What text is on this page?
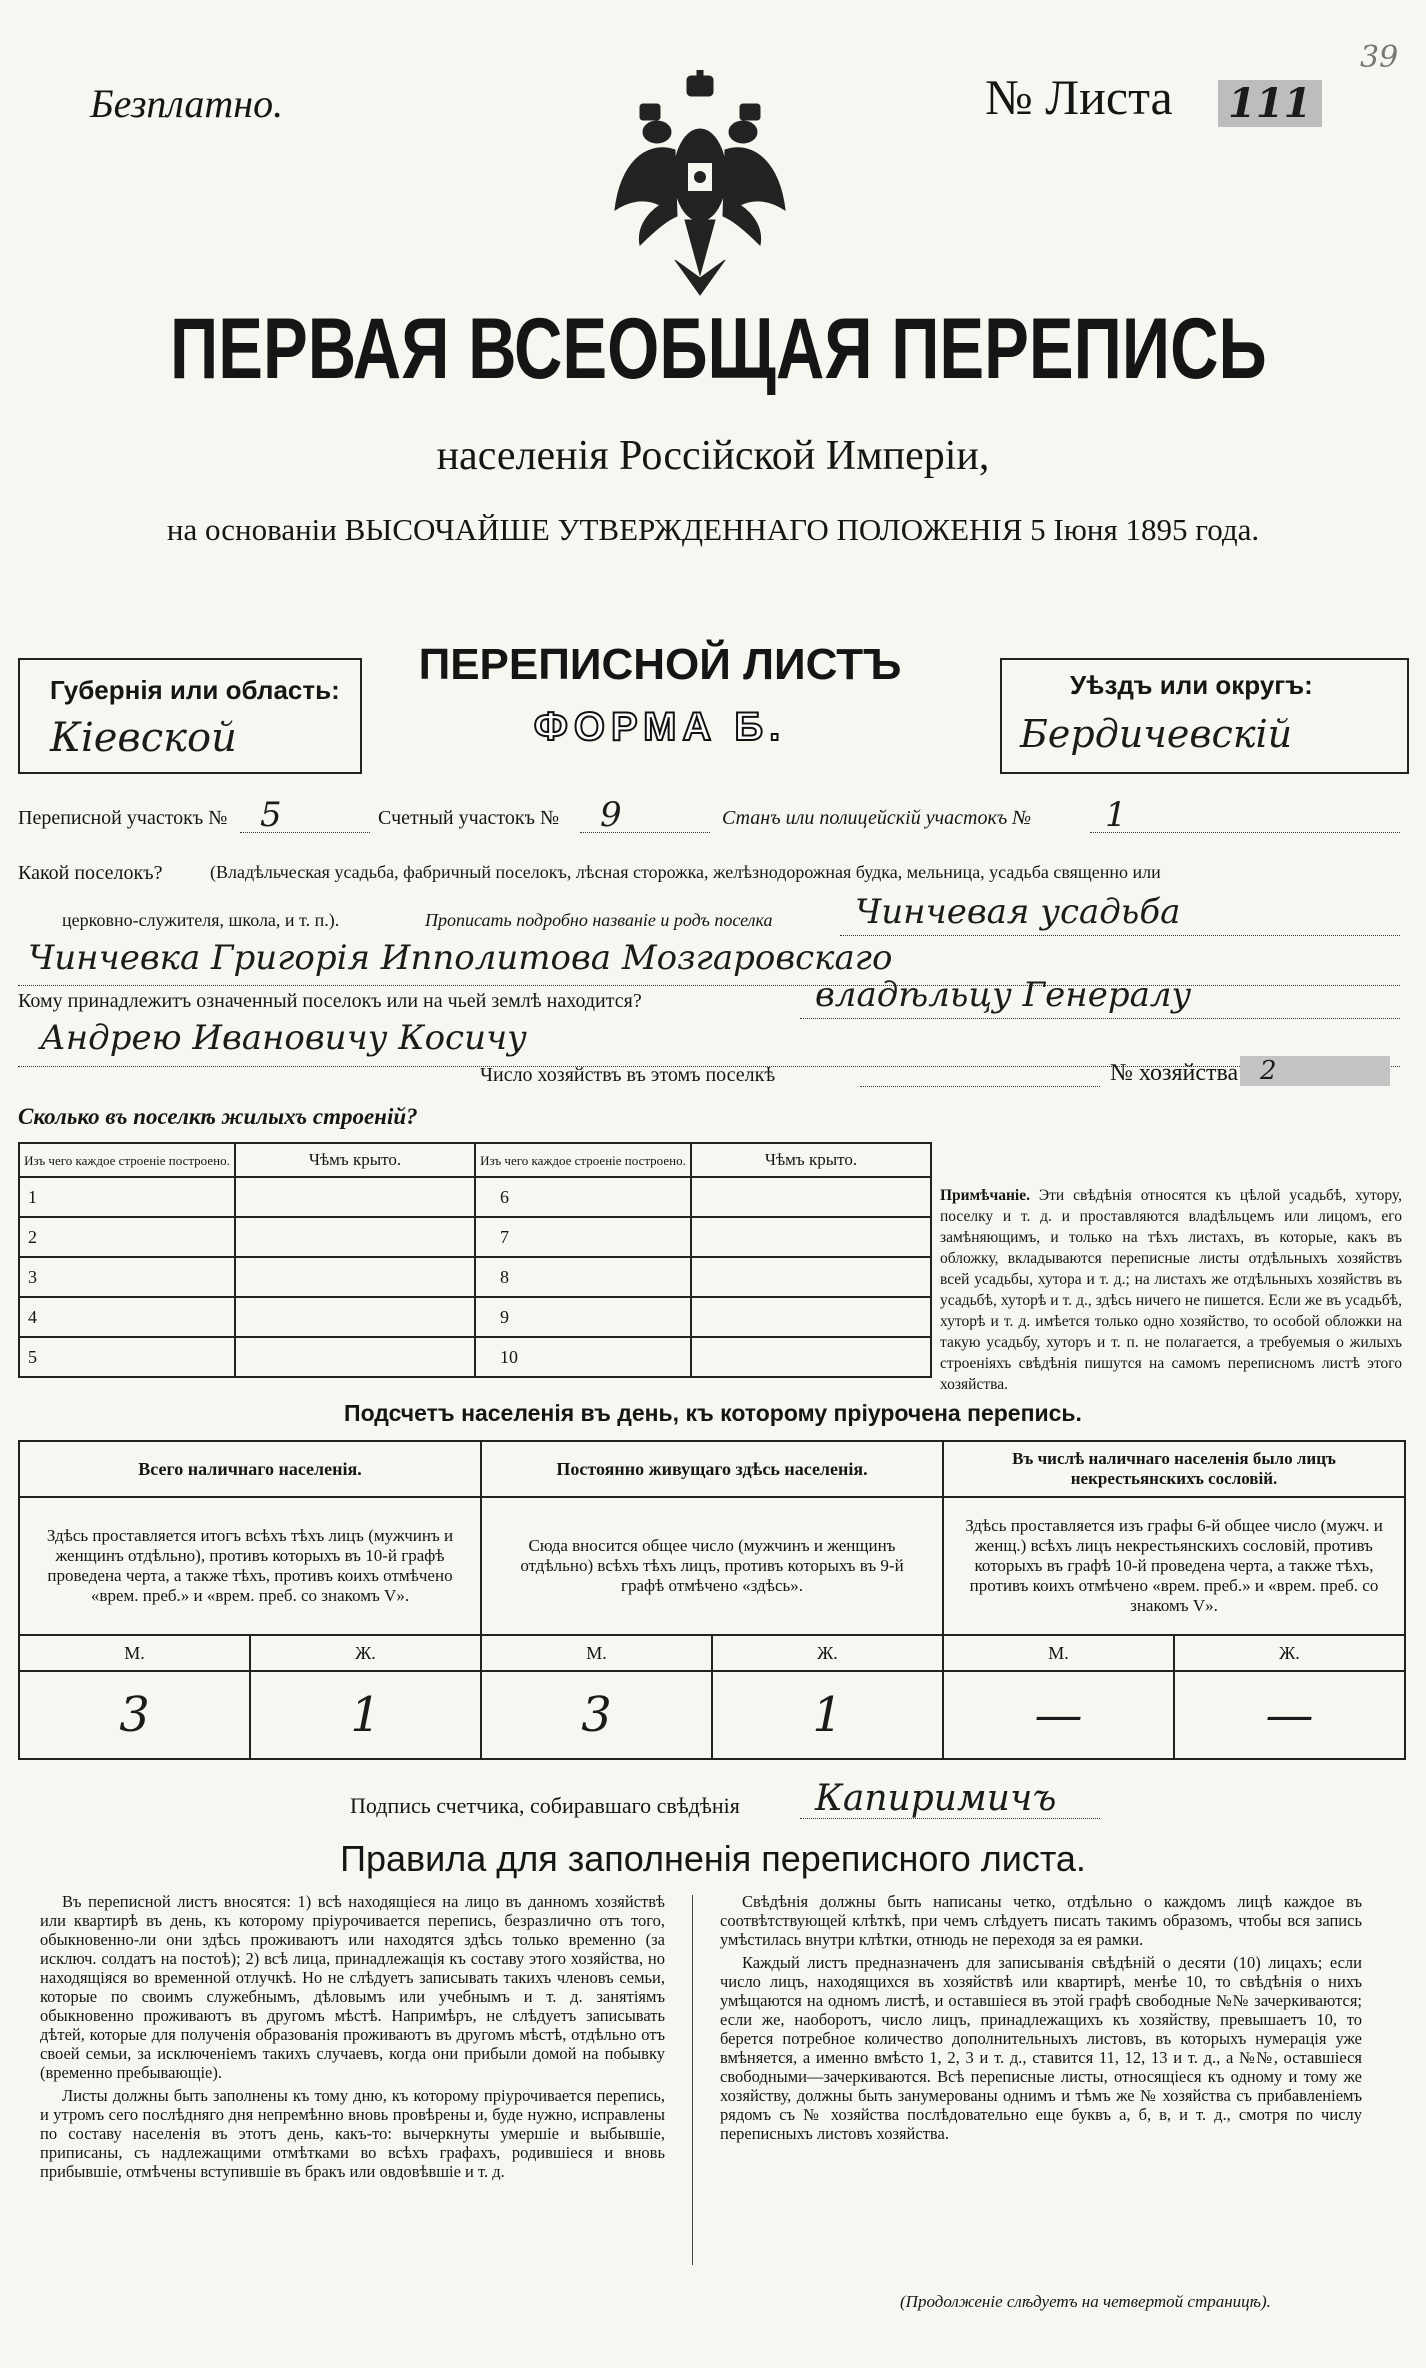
Безплатно.	№ Листа 111
39
ПЕРВАЯ ВСЕОБЩАЯ ПЕРЕПИСЬ
населенія Россійской Имперіи,
на основаніи ВЫСОЧАЙШЕ УТВЕРЖДЕННАГО ПОЛОЖЕНІЯ 5 Іюня 1895 года.
Губернія или область:
Кіевской
ПЕРЕПИСНОЙ ЛИСТЪ
ФОРМА Б.
Уѣздъ или округъ:
Бердичевскій
Переписной участокъ № 5	Счетный участокъ № 9	Станъ или полицейскій участокъ № 1
Какой поселокъ?	(Владѣльческая усадьба, фабричный поселокъ, лѣсная сторожка, желѣзнодорожная будка, мельница, усадьба священно или
церковно-служителя, школа, и т. п.).	Прописать подробно названіе и родъ поселка Чинчевая усадьба
Чинчевка Григорія Ипполитова Мозгаровскаго
Кому принадлежитъ означенный поселокъ или на чьей землѣ находится?	владѣльцу Генералу
Андрею Ивановичу Косичу
Число хозяйствъ въ этомъ поселкѣ	№ хозяйства 2
Сколько въ поселкѣ жилыхъ строеній?
Изъ чего каждое строеніе построено.	Чѣмъ крыто.	Изъ чего каждое строеніе построено.	Чѣмъ крыто.

1		6	
2		7	
3		8	
4		9	
5		10	
Примѣчаніе. Эти свѣдѣнія относятся къ цѣлой усадьбѣ, хутору, поселку и т. д. и проставляются владѣльцемъ или лицомъ, его замѣняющимъ, и только на тѣхъ листахъ, въ которые, какъ въ обложку, вкладываются переписные листы отдѣльныхъ хозяйствъ всей усадьбы, хутора и т. д.; на листахъ же отдѣльныхъ хозяйствъ въ усадьбѣ, хуторѣ и т. д., здѣсь ничего не пишется. Если же въ усадьбѣ, хуторѣ и т. д. имѣется только одно хозяйство, то особой обложки на такую усадьбу, хуторъ и т. п. не полагается, а требуемыя о жилыхъ строеніяхъ свѣдѣнія пишутся на самомъ переписномъ листѣ этого хозяйства.
Подсчетъ населенія въ день, къ которому пріурочена перепись.
Всего наличнаго населенія.		Постоянно живущаго здѣсь населенія.		Въ числѣ наличнаго населенія было лицъ некрестьянскихъ сословій.	
Здѣсь проставляется итогъ всѣхъ тѣхъ лицъ (мужчинъ и женщинъ отдѣльно), противъ которыхъ въ 10-й графѣ проведена черта, а также тѣхъ, противъ коихъ отмѣчено «врем. преб.» и «врем. преб. со знакомъ V».		Сюда вносится общее число (мужчинъ и женщинъ отдѣльно) всѣхъ тѣхъ лицъ, противъ которыхъ въ 9-й графѣ отмѣчено «здѣсь».		Здѣсь проставляется изъ графы 6-й общее число (мужч. и женщ.) всѣхъ лицъ некрестьянскихъ сословій, противъ которыхъ въ графѣ 10-й проведена черта, а также тѣхъ, противъ коихъ отмѣчено «врем. преб.» и «врем. преб. со знакомъ V».	
М.	Ж.	М.	Ж.	М.	Ж.
3	1	3	1	—	—
Подпись счетчика, собиравшаго свѣдѣнія Капиримичъ
Правила для заполненія переписного листа.

Въ переписной листъ вносятся: 1) всѣ находящіеся на лицо въ данномъ хозяйствѣ или квартирѣ въ день, къ которому пріурочивается перепись, безразлично отъ того, обыкновенно-ли они здѣсь проживаютъ или находятся здѣсь только временно (за исключ. солдатъ на постоѣ); 2) всѣ лица, принадлежащія къ составу этого хозяйства, но находящіяся во временной отлучкѣ. Но не слѣдуетъ записывать такихъ членовъ семьи, которые по своимъ служебнымъ, дѣловымъ или учебнымъ и т. д. занятіямъ обыкновенно проживаютъ въ другомъ мѣстѣ. Напримѣръ, не слѣдуетъ записывать дѣтей, которые для полученія образованія проживаютъ въ другомъ мѣстѣ, отдѣльно отъ своей семьи, за исключеніемъ такихъ случаевъ, когда они прибыли домой на побывку (временно пребывающіе).

Листы должны быть заполнены къ тому дню, къ которому пріурочивается перепись, и утромъ сего послѣдняго дня непремѣнно вновь провѣрены и, буде нужно, исправлены по составу населенія въ этотъ день, какъ-то: вычеркнуты умершіе и выбывшіе, приписаны, съ надлежащими отмѣтками во всѣхъ графахъ, родившіеся и вновь прибывшіе, отмѣчены вступившіе въ бракъ или овдовѣвшіе и т. д.

Свѣдѣнія должны быть написаны четко, отдѣльно о каждомъ лицѣ каждое въ соотвѣтствующей клѣткѣ, при чемъ слѣдуетъ писать такимъ образомъ, чтобы вся запись умѣстилась внутри клѣтки, отнюдь не переходя за ея рамки.

Каждый листъ предназначенъ для записыванія свѣдѣній о десяти (10) лицахъ; если число лицъ, находящихся въ хозяйствѣ или квартирѣ, менѣе 10, то свѣдѣнія о нихъ умѣщаются на одномъ листѣ, и оставшіеся въ этой графѣ свободные №№ зачеркиваются; если же, наоборотъ, число лицъ, принадлежащихъ къ хозяйству, превышаетъ 10, то берется потребное количество дополнительныхъ листовъ, въ которыхъ нумерація уже вмѣняется, а именно вмѣсто 1, 2, 3 и т. д., ставится 11, 12, 13 и т. д., а №№, оставшіеся свободными—зачеркиваются. Всѣ переписные листы, относящіеся къ одному и тому же хозяйству, должны быть занумерованы однимъ и тѣмъ же № хозяйства съ прибавленіемъ рядомъ съ № хозяйства послѣдовательно еще буквъ а, б, в, и т. д., смотря по числу переписныхъ листовъ хозяйства.

(Продолженіе слѣдуетъ на четвертой страницѣ).
